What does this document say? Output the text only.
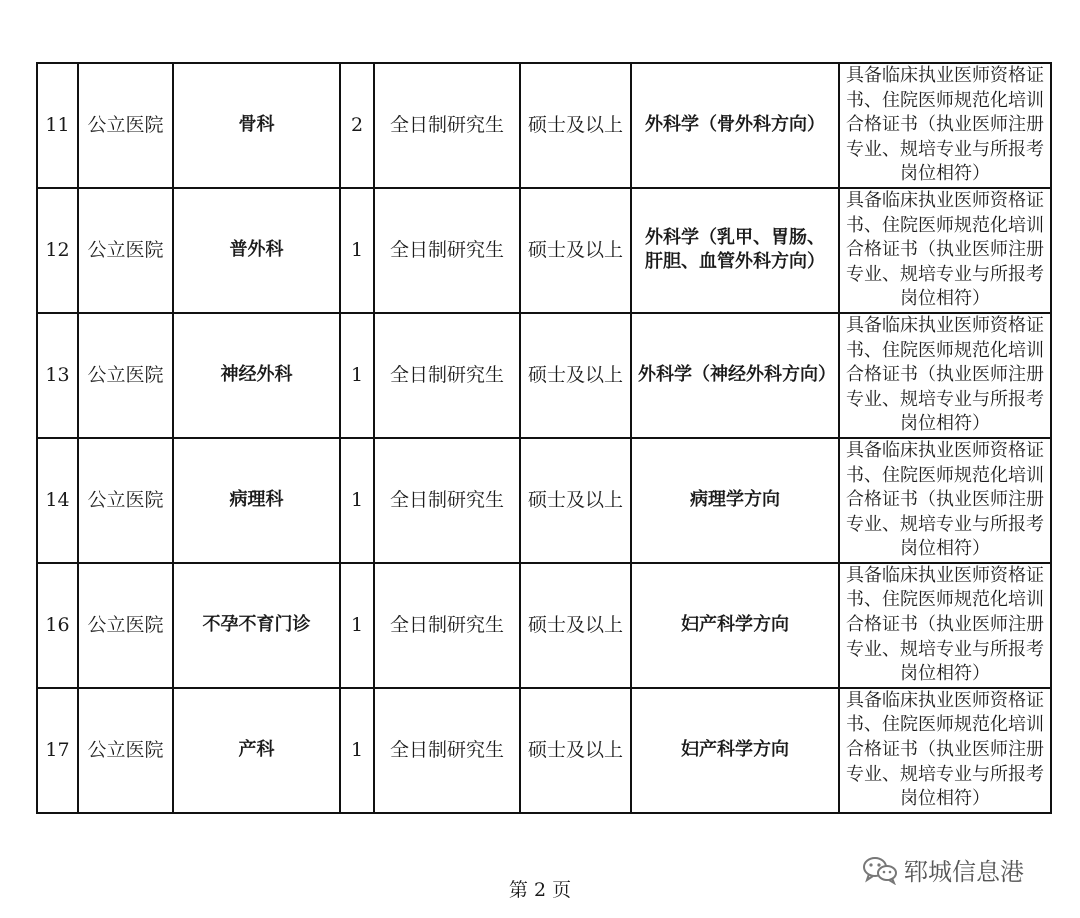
11	公立医院	骨科	2	全日制研究生	硕士及以上	外科学（骨外科方向）	具备临床执业医师资格证书、住院医师规范化培训合格证书（执业医师注册专业、规培专业与所报考岗位相符）
12	公立医院	普外科	1	全日制研究生	硕士及以上	外科学（乳甲、胃肠、肝胆、血管外科方向）	具备临床执业医师资格证书、住院医师规范化培训合格证书（执业医师注册专业、规培专业与所报考岗位相符）
13	公立医院	神经外科	1	全日制研究生	硕士及以上	外科学（神经外科方向）	具备临床执业医师资格证书、住院医师规范化培训合格证书（执业医师注册专业、规培专业与所报考岗位相符）
14	公立医院	病理科	1	全日制研究生	硕士及以上	病理学方向	具备临床执业医师资格证书、住院医师规范化培训合格证书（执业医师注册专业、规培专业与所报考岗位相符）
16	公立医院	不孕不育门诊	1	全日制研究生	硕士及以上	妇产科学方向	具备临床执业医师资格证书、住院医师规范化培训合格证书（执业医师注册专业、规培专业与所报考岗位相符）
17	公立医院	产科	1	全日制研究生	硕士及以上	妇产科学方向	具备临床执业医师资格证书、住院医师规范化培训合格证书（执业医师注册专业、规培专业与所报考岗位相符）
第 2 页
郓城信息港
